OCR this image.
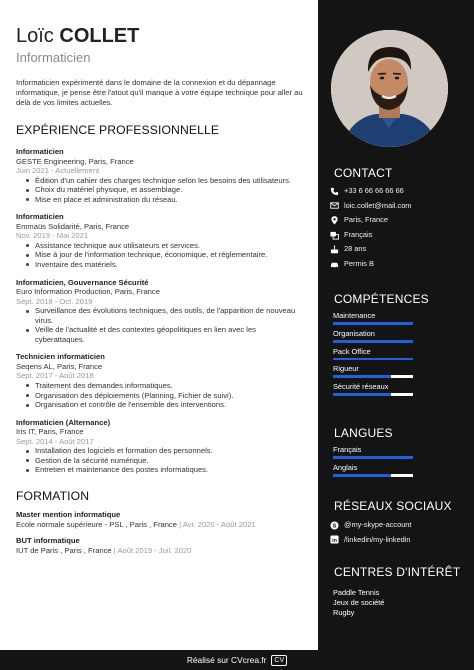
Loïc COLLET
Informaticien

Informaticien expérimenté dans le domaine de la connexion et du dépannage informatique, je pense être l'atout qu'il manque à votre équipe technique pour aller au delà de vos limites actuelles.

EXPÉRIENCE PROFESSIONNELLE
Informaticien
GESTE Engineering, Paris, France
Juin 2021 - Actuellement
Édition d'un cahier des charges technique selon les besoins des utilisateurs.
Choix du matériel physique, et assemblage.
Mise en place et administration du réseau.
Informaticien
Emmaüs Solidarité, Paris, France
Nov. 2019 - Mai 2021
Assistance technique aux utilisateurs et services.
Mise à jour de l'information technique, économique, et réglementaire.
Inventaire des matériels.
Informaticien, Gouvernance Sécurité
Euro Information Production, Paris, France
Sept. 2018 - Oct. 2019
Surveillance des évolutions techniques, des outils, de l'apparition de nouveau virus.
Veille de l'actualité et des contextes géopolitiques en lien avec les cyberattaques.
Technicien informaticien
Seqens AL, Paris, France
Sept. 2017 - Août 2018
Traitement des demandes informatiques.
Organisation des déploiements (Planning, Fichier de suivi).
Organisation et contrôle de l'ensemble des interventions.
Informaticien (Alternance)
Iris IT, Paris, France
Sept. 2014 - Août 2017
Installation des logiciels et formation des personnels.
Gestion de la sécurité numérique.
Entretien et maintenance des postes informatiques.
FORMATION
Master mention informatique
Ecole normale supérieure - PSL , Paris , France | Avr. 2020 - Août 2021
BUT informatique
IUT de Paris , Paris , France | Août 2019 - Juil. 2020
CONTACT
+33 6 66 66 66 66
loic.collet@mail.com
Paris, France
Français
28 ans
Permis B
COMPÉTENCES
Maintenance
Organisation
Pack Office
Rigueur
Sécurité réseaux
LANGUES
Français
Anglais
RÉSEAUX SOCIAUX
S @my-skype-account
in /linkedin/my-linkedin
CENTRES D'INTÉRÊT
Paddle Tennis
Jeux de société
Rugby
Réalisé sur CVcrea.fr	CV
